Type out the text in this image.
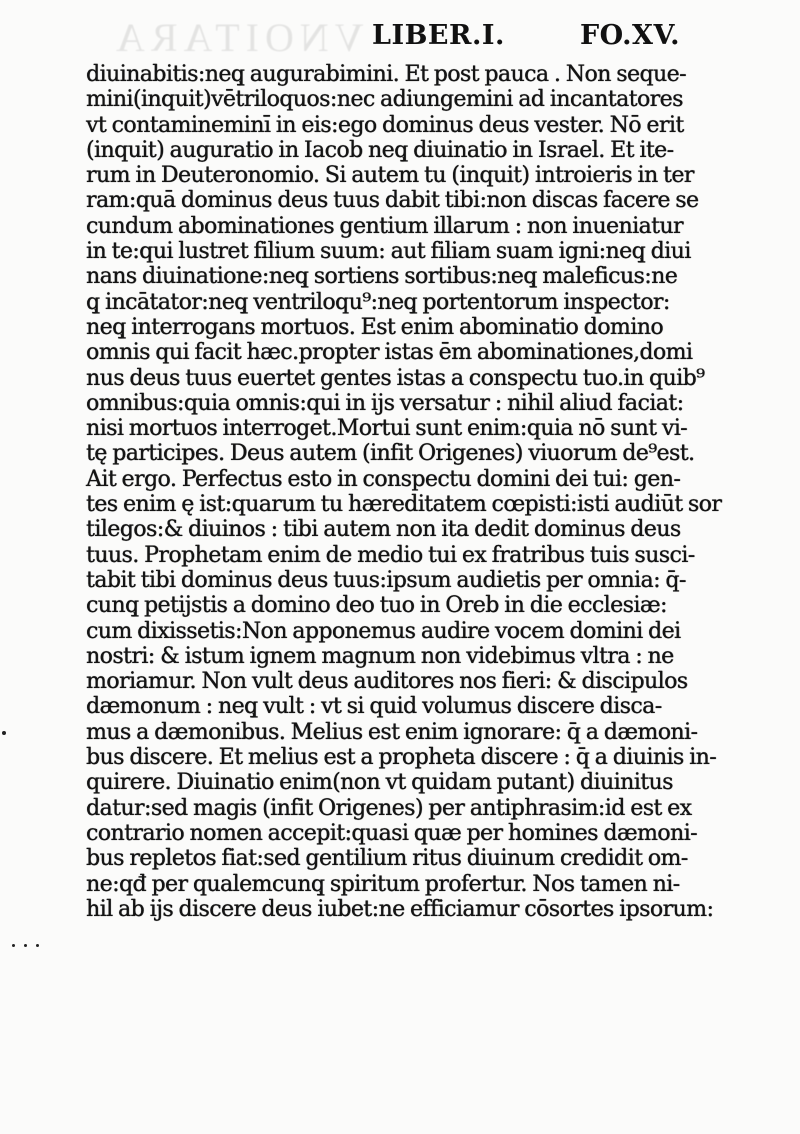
VNOITARA LIBER.I.	FO.XV.
diuinabitis:neq̧ augurabimini. Et post pauca . Non seque-
mini(inquit)vētriloquos:nec adiungemini ad incantatores
vt contamineminī in eis:ego dominus deus vester. Nō erit
(inquit) auguratio in Iacob neq̧ diuinatio in Israel. Et ite-
rum in Deuteronomio. Si autem tu (inquit) introieris in ter
ram:quā dominus deus tuus dabit tibi:non discas facere se
cundum abominationes gentium illarum : non inueniatur
in te:qui lustret filium suum: aut filiam suam igni:neq̧ diui
nans diuinatione:neq̧ sortiens sortibus:neq̧ maleficus:ne
q̧ incātator:neq̧ ventriloqu⁹:neq̧ portentorum inspector:
neq̧ interrogans mortuos. Est enim abominatio domino
omnis qui facit hæc.propter istas ēm abominationes,domi
nus deus tuus euertet gentes istas a conspectu tuo.in quib⁹
omnibus:quia omnis:qui in ijs versatur : nihil aliud faciat:
nisi mortuos interroget.Mortui sunt enim:quia nō sunt vi-
tę participes. Deus autem (infit Origenes) viuorum de⁹est.
Ait ergo. Perfectus esto in conspectu domini dei tui: gen-
tes enim ę ist:quarum tu hæreditatem cœpisti:isti audiūt sor
tilegos:& diuinos : tibi autem non ita dedit dominus deus
tuus. Prophetam enim de medio tui ex fratribus tuis susci-
tabit tibi dominus deus tuus:ipsum audietis per omnia: q̄-
cunq̧ petijstis a domino deo tuo in Oreb in die ecclesiæ:
cum dixissetis:Non apponemus audire vocem domini dei
nostri: & istum ignem magnum non videbimus vltra : ne
moriamur. Non vult deus auditores nos fieri: & discipulos
dæmonum : neq̧ vult : vt si quid volumus discere disca-
mus a dæmonibus. Melius est enim ignorare: q̄ a dæmoni-
bus discere. Et melius est a propheta discere : q̄ a diuinis in-
quirere. Diuinatio enim(non vt quidam putant) diuinitus
datur:sed magis (infit Origenes) per antiphrasim:id est ex
contrario nomen accepit:quasi quæ per homines dæmoni-
bus repletos fiat:sed gentilium ritus diuinum credidit om-
ne:qđ per qualemcunq̧ spiritum profertur. Nos tamen ni-
hil ab ijs discere deus iubet:ne efficiamur cōsortes ipsorum:
